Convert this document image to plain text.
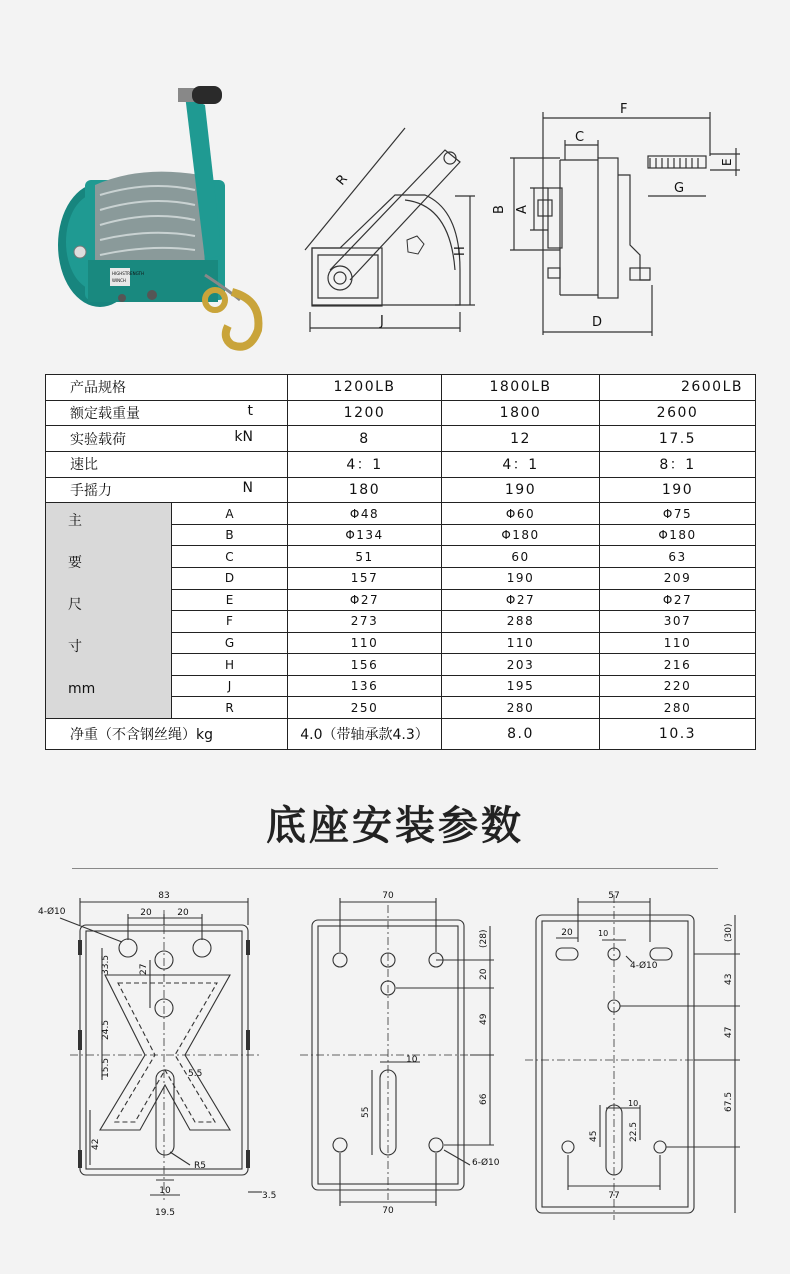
HIGHSTRENGTH
WINCH
R
H
J
F
C
B A
E
G
D
产品规格		1200LB	1800LB	2600LB
额定载重量 t		1200	1800	2600
实验载荷 kN		8	12	17.5
速比		4：1	4：1	8：1
手摇力 N		180	190	190

主
要
尺
寸
mm	A	Φ48	Φ60	Φ75
	B	Φ134	Φ180	Φ180
	C	51	60	63
	D	157	190	209
	E	Φ27	Φ27	Φ27
	F	273	288	307
	G	110	110	110
	H	156	203	216
	J	136	195	220
	R	250	280	280
净重（不含钢丝绳）kg		4.0（带轴承款4.3）	8.0	10.3
底座安装参数
83
20	20
4-Ø10
33.5	27
24.5
15.5	5.5
42
R5
10
19.5
3.5
70
(28)
20
49
66
10
55
6-Ø10
70
57
20	10
4-Ø10
(30)
43
47
67.5
10
45	22.5
77
